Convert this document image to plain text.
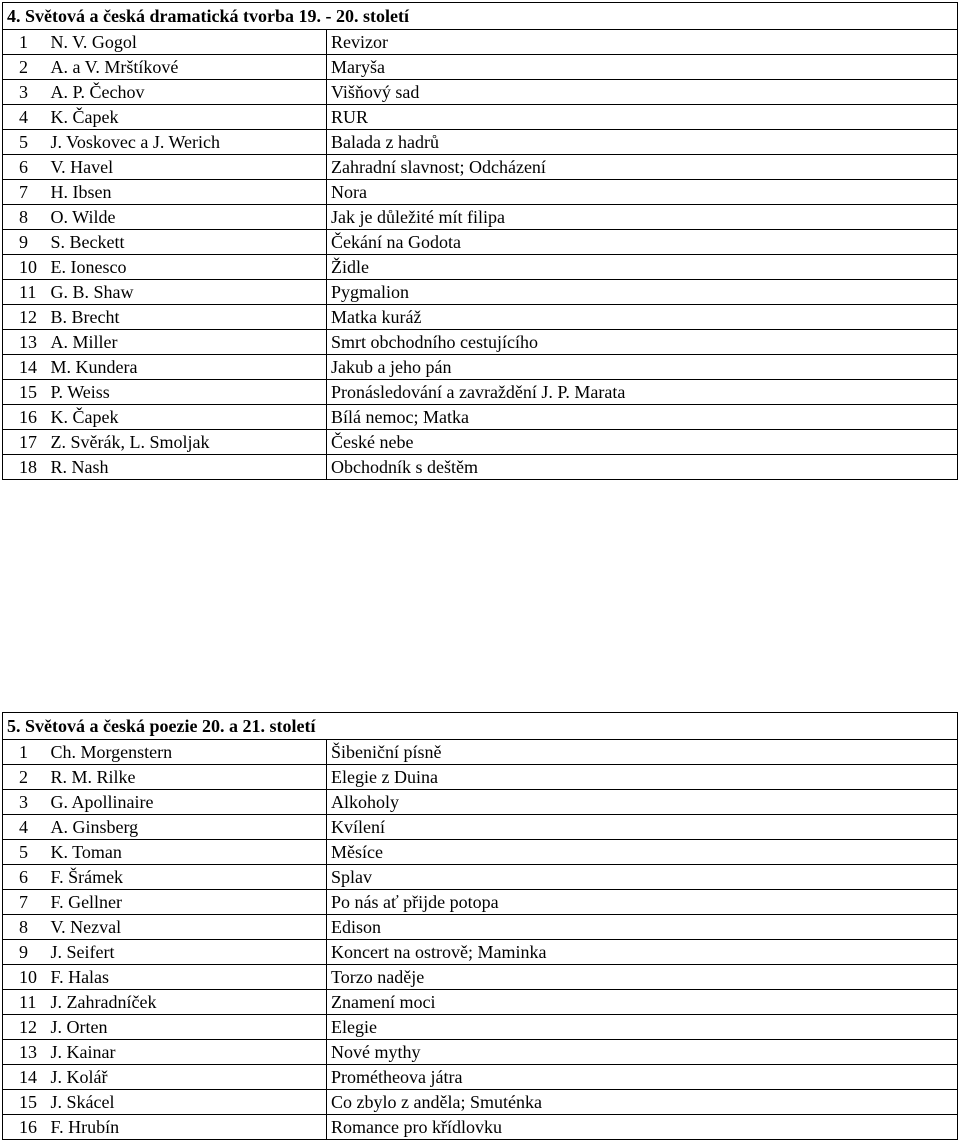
4. Světová a česká dramatická tvorba 19. - 20. století		
1	N. V. Gogol	Revizor
2	A. a V. Mrštíkové	Maryša
3	A. P. Čechov	Višňový sad
4	K. Čapek	RUR
5	J. Voskovec a J. Werich	Balada z hadrů
6	V. Havel	Zahradní slavnost; Odcházení
7	H. Ibsen	Nora
8	O. Wilde	Jak je důležité mít filipa
9	S. Beckett	Čekání na Godota
10	E. Ionesco	Židle
11	G. B. Shaw	Pygmalion
12	B. Brecht	Matka kuráž
13	A. Miller	Smrt obchodního cestujícího
14	M. Kundera	Jakub a jeho pán
15	P. Weiss	Pronásledování a zavraždění J. P. Marata
16	K. Čapek	Bílá nemoc; Matka
17	Z. Svěrák, L. Smoljak	České nebe
18	R. Nash	Obchodník s deštěm
5. Světová a česká poezie 20. a 21. století		
1	Ch. Morgenstern	Šibeniční písně
2	R. M. Rilke	Elegie z Duina
3	G. Apollinaire	Alkoholy
4	A. Ginsberg	Kvílení
5	K. Toman	Měsíce
6	F. Šrámek	Splav
7	F. Gellner	Po nás ať přijde potopa
8	V. Nezval	Edison
9	J. Seifert	Koncert na ostrově; Maminka
10	F. Halas	Torzo naděje
11	J. Zahradníček	Znamení moci
12	J. Orten	Elegie
13	J. Kainar	Nové mythy
14	J. Kolář	Prométheova játra
15	J. Skácel	Co zbylo z anděla; Smuténka
16	F. Hrubín	Romance pro křídlovku
